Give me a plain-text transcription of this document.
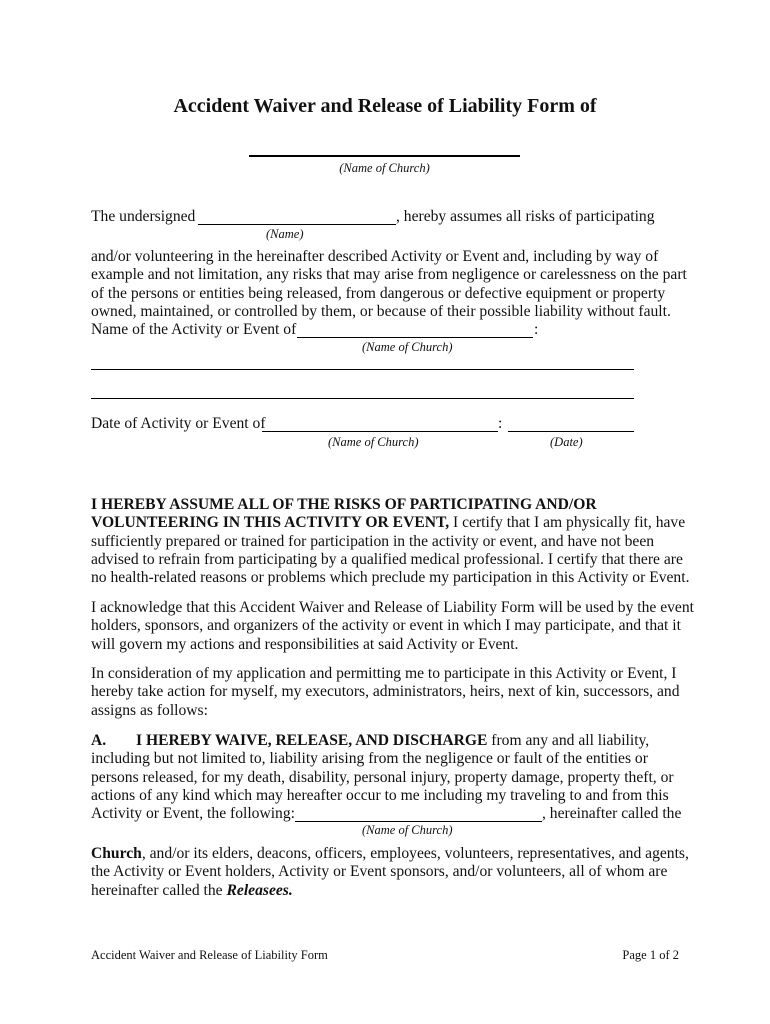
Accident Waiver and Release of Liability Form of
(Name of Church)
The undersigned	, hereby assumes all risks of participating
(Name)
and/or volunteering in the hereinafter described Activity or Event and, including by way of
example and not limitation, any risks that may arise from negligence or carelessness on the part
of the persons or entities being released, from dangerous or defective equipment or property
owned, maintained, or controlled by them, or because of their possible liability without fault.
Name of the Activity or Event of	:
(Name of Church)
Date of Activity or Event of	:
(Name of Church)	(Date)
I HEREBY ASSUME ALL OF THE RISKS OF PARTICIPATING AND/OR
VOLUNTEERING IN THIS ACTIVITY OR EVENT, I certify that I am physically fit, have
sufficiently prepared or trained for participation in the activity or event, and have not been
advised to refrain from participating by a qualified medical professional. I certify that there are
no health-related reasons or problems which preclude my participation in this Activity or Event.
I acknowledge that this Accident Waiver and Release of Liability Form will be used by the event
holders, sponsors, and organizers of the activity or event in which I may participate, and that it
will govern my actions and responsibilities at said Activity or Event.
In consideration of my application and permitting me to participate in this Activity or Event, I
hereby take action for myself, my executors, administrators, heirs, next of kin, successors, and
assigns as follows:
A. I HEREBY WAIVE, RELEASE, AND DISCHARGE from any and all liability,
including but not limited to, liability arising from the negligence or fault of the entities or
persons released, for my death, disability, personal injury, property damage, property theft, or
actions of any kind which may hereafter occur to me including my traveling to and from this
Activity or Event, the following:	, hereinafter called the
(Name of Church)
Church, and/or its elders, deacons, officers, employees, volunteers, representatives, and agents,
the Activity or Event holders, Activity or Event sponsors, and/or volunteers, all of whom are
hereinafter called the Releasees.
Accident Waiver and Release of Liability Form	Page 1 of 2
